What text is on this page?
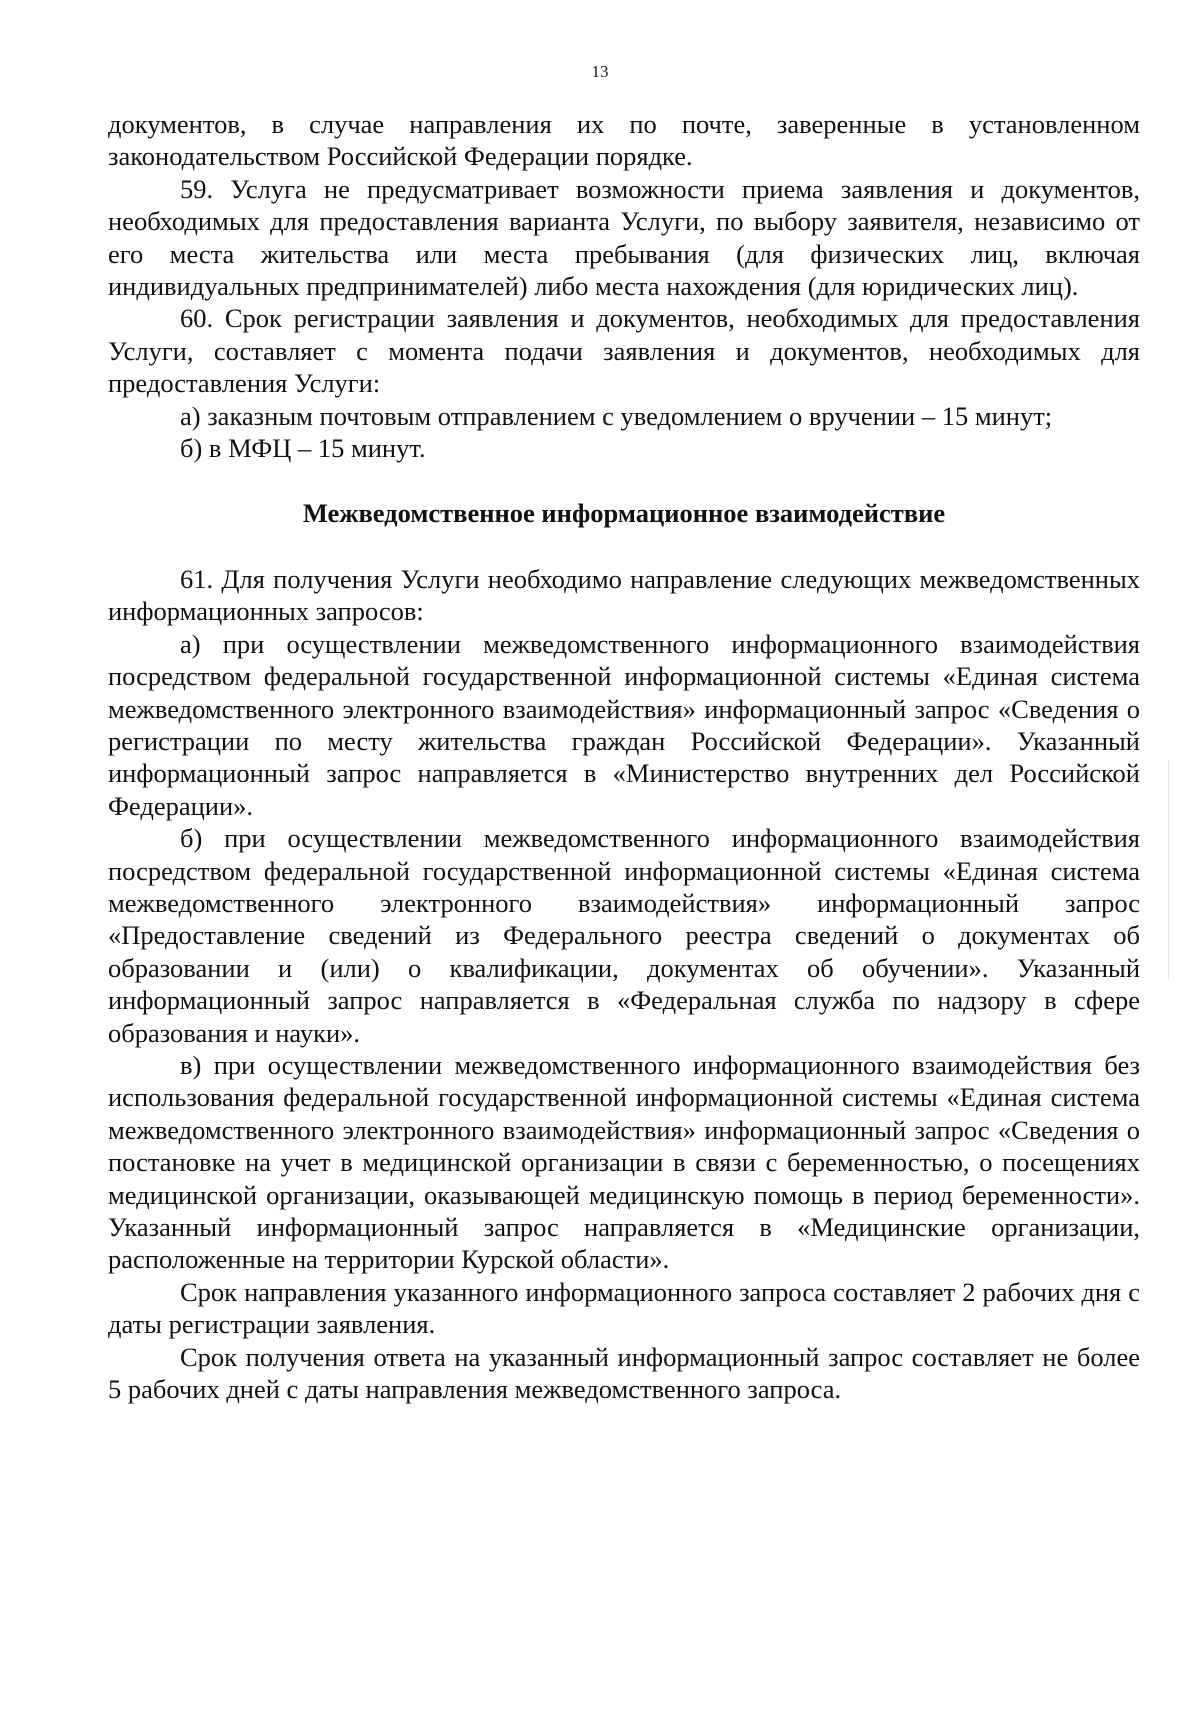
13

документов, в случае направления их по почте, заверенные в установленном законодательством Российской Федерации порядке.

59. Услуга не предусматривает возможности приема заявления и документов, необходимых для предоставления варианта Услуги, по выбору заявителя, независимо от его места жительства или места пребывания (для физических лиц, включая индивидуальных предпринимателей) либо места нахождения (для юридических лиц).

60. Срок регистрации заявления и документов, необходимых для предоставления Услуги, составляет с момента подачи заявления и документов, необходимых для предоставления Услуги:

а) заказным почтовым отправлением с уведомлением о вручении – 15 минут;

б) в МФЦ – 15 минут.

Межведомственное информационное взаимодействие

61. Для получения Услуги необходимо направление следующих межведомственных информационных запросов:

а) при осуществлении межведомственного информационного взаимодействия посредством федеральной государственной информационной системы «Единая система межведомственного электронного взаимодействия» информационный запрос «Сведения о регистрации по месту жительства граждан Российской Федерации». Указанный информационный запрос направляется в «Министерство внутренних дел Российской Федерации».

б) при осуществлении межведомственного информационного взаимодействия посредством федеральной государственной информационной системы «Единая система межведомственного электронного взаимодействия» информационный запрос «Предоставление сведений из Федерального реестра сведений о документах об образовании и (или) о квалификации, документах об обучении». Указанный информационный запрос направляется в «Федеральная служба по надзору в сфере образования и науки».

в) при осуществлении межведомственного информационного взаимодействия без использования федеральной государственной информационной системы «Единая система межведомственного электронного взаимодействия» информационный запрос «Сведения о постановке на учет в медицинской организации в связи с беременностью, о посещениях медицинской организации, оказывающей медицинскую помощь в период беременности». Указанный информационный запрос направляется в «Медицинские организации, расположенные на территории Курской области».

Срок направления указанного информационного запроса составляет 2 рабочих дня с даты регистрации заявления.

Срок получения ответа на указанный информационный запрос составляет не более 5 рабочих дней с даты направления межведомственного запроса.
